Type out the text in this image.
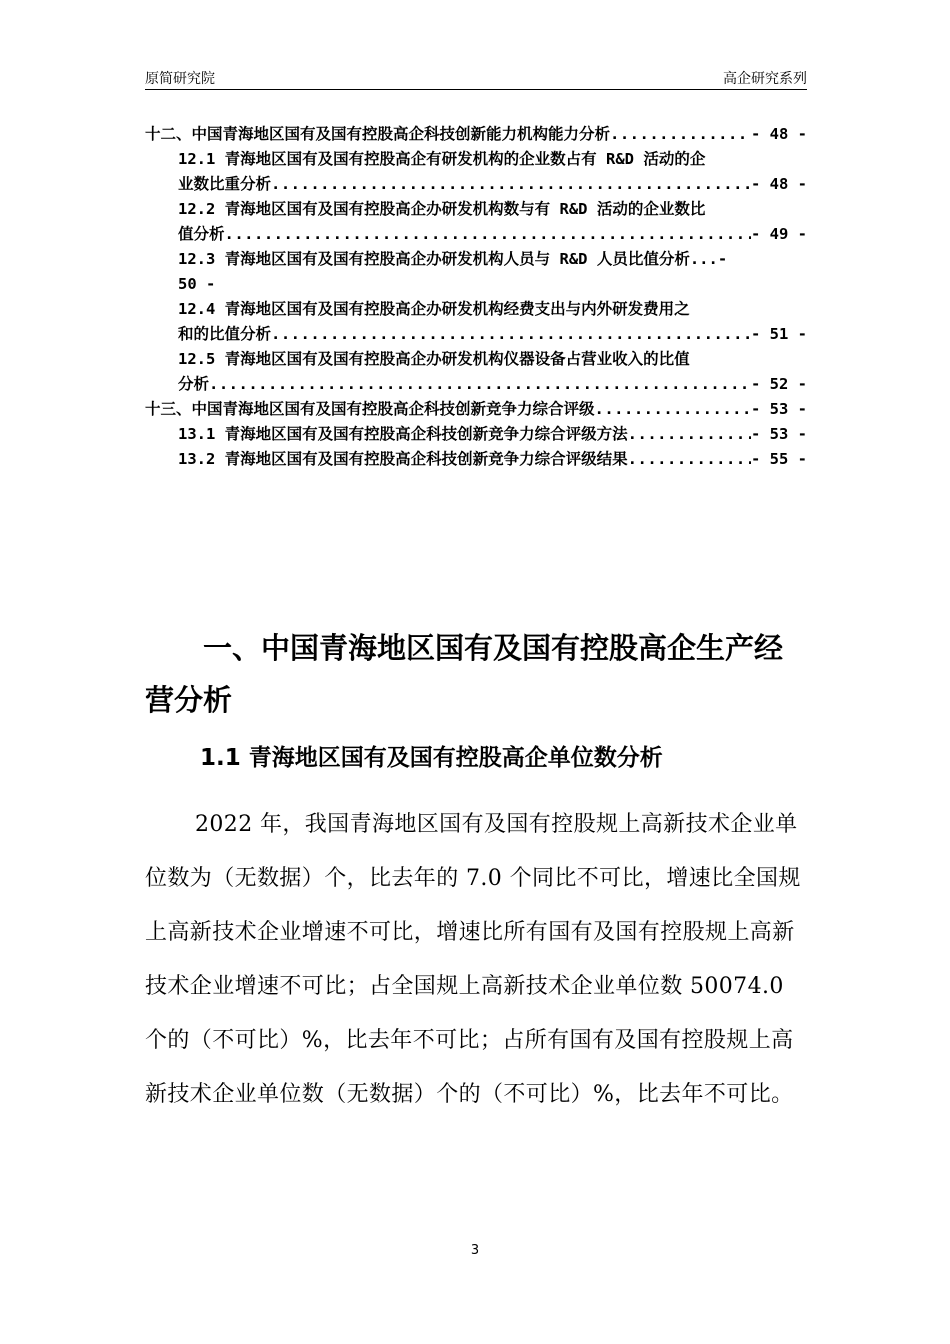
原简研究院	高企研究系列
十二、中国青海地区国有及国有控股高企科技创新能力机构能力分析 .....	- 48 -
12.1 青海地区国有及国有控股高企有研发机构的企业数占有 R&D 活动的企
业数比重分析 .....	- 48 -
12.2 青海地区国有及国有控股高企办研发机构数与有 R&D 活动的企业数比
值分析 .....	- 49 -
12.3 青海地区国有及国有控股高企办研发机构人员与 R&D 人员比值分析...-
50 -
12.4 青海地区国有及国有控股高企办研发机构经费支出与内外研发费用之
和的比值分析 .....	- 51 -
12.5 青海地区国有及国有控股高企办研发机构仪器设备占营业收入的比值
分析 .....	- 52 -
十三、中国青海地区国有及国有控股高企科技创新竞争力综合评级 .....	- 53 -
13.1 青海地区国有及国有控股高企科技创新竞争力综合评级方法 .....	- 53 -
13.2 青海地区国有及国有控股高企科技创新竞争力综合评级结果 .....	- 55 -
一、中国青海地区国有及国有控股高企生产经营分析
1.1 青海地区国有及国有控股高企单位数分析
2022 年，我国青海地区国有及国有控股规上高新技术企业单位数为（无数据）个，比去年的 7.0 个同比不可比，增速比全国规上高新技术企业增速不可比，增速比所有国有及国有控股规上高新技术企业增速不可比；占全国规上高新技术企业单位数 50074.0 个的（不可比）%，比去年不可比；占所有国有及国有控股规上高新技术企业单位数（无数据）个的（不可比）%，比去年不可比。
3
